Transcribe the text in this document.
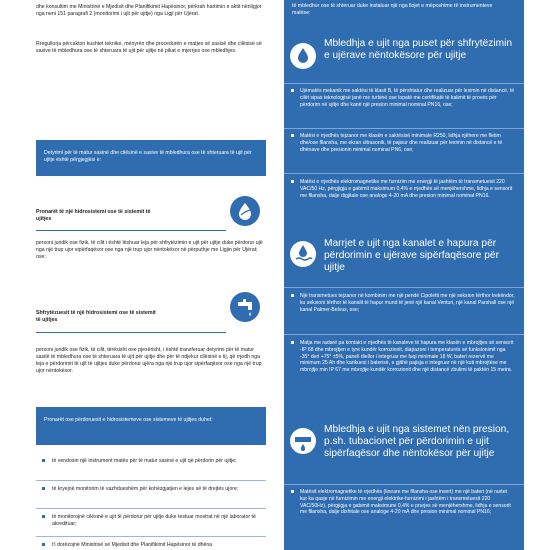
dhe konsultim me Ministrinë e Mjedisit dhe Planifikimit Hapësinor, përkrah hartimin e aktit nënligjor nga neni 151 paragrafi 2 (monitorimi i ujit për ujitje) nga Ligji për Ujërat.

Rregullorja përcakton kushtet teknike, mënyrën dhe procedurën e matjes së sasisë dhe cilësisë së sasive të mbledhura ose të shteruara të ujit për ujitje në pikat e mjerrjes ose mbledhjes.

Detyrimi për të matur sasinë dhe cilësinë e sasive të mbledhura ose të shteruara të ujit për ujitje është përgjegjësi e:
Pronarët të një hidrosistemi ose të sistemit të ujitjes

personi juridik ose fizik, të cilit i është lëshuar leja për shfrytëzimin e ujit për ujitje duke përdorur ujë nga një trup ujor sipërfaqësor ose nga një trup ujor nëntokësor në përputhje me Ligjin për Ujërat; ose;

Shfrytëzuesit të një hidrosistemi ose të sistemit të ujitjes

personi juridik ose fizik, të cilit, tërësisht ose pjesërisht, i është transferuar detyrimi për të matur sasitë të mbledhura ose të shteruara të ujit për ujitje dhe për të ndjekur cilësinë e tij, që rrjedh nga leja e përdorimit të ujit të ujitjes duke përdorur ujëra nga një trup ujor sipërfaqësor ose nga një trup ujor nëntokësor.

Pronarët ose përdoruesit e hidrosistemeve ose sistemeve të ujitjes duhet:
të vendosin një instrument matës për të matur sasinë e ujit që përdorin për ujitje;
të kryejnë monitorim të vazhdueshëm për kohëzgjatjen e lejes së të drejtës ujore;
të monitorojnë cilësinë e ujit të përdorur për ujitje duke testuar mostrat në një laborator të akredituar;
t'i dorëzojnë Ministrisë së Mjedisit dhe Planifikimit Hapësinor të dhëna
të mbledhur ose të shteruar duke instaluar një nga llojet e mëposhtme të instrumenteve matëse:
Mbledhja e ujit nga puset për shfrytëzimin e ujërave nëntokësore për ujitje
Ujëmatës mekanik me saktësi të klasit B, të përshtatur dhe realizuar për leximin në distancë, të cilët sipas teknologjisë janë me turbinë ose lopatë me certifikatë të kalimit të provës për përdorim në ujitje dhe kanë një presion minimal nominal PN16, ose;
Matësi e rrjedhës tejzanor me klasën e saktësisë minimale R250, lidhja njëhere me fletim dhe/ose fllanxha, me ekran ultrasonik, të pajisur dhe realizuar për leximin në distancë e të dhënave dhe presionin minimal nominal PN6, ose;
Matësi e rrjedhës elektromagnetike me furnizim me energji të jashtëm të transmetuesit 220 VAC/50 Hz, përgjigja e gabimit maksimum 0,4% e rrjedhës së menjëhershme, lidhja e sensorit me fllanxha, dalje digjitale ose analoge 4-20 mA dhe presion minimal nominal PN16.
Marrjet e ujit nga kanalet e hapura për përdorimin e ujërave sipërfaqësore për ujitje
Një transmetues tejzanor në kombinim me një pendë Cipoletti me një seksion tërthor trekëndor, ku seksioni tërthor të kanalit të hapur mund të jenë një kanal Venturi, një kanal Parshall ose një kanal Palmer-Belvus, ose;
Matja me radarë pa kontakt e rrjedhës të kanaleve të hapura me klasën e mbrojtjes së sensorit -IP 68 dhe mbrojtjen e tyre kundër korrozionit, diapazoni i temperaturës së funksionimit nga -35° deri +75° ±5%, paneli diellor i integruar me fuqi minimale 18 W, bateri rezervë me minimum 25 Ah dhe karikuesi i baterisë, e gjithë pajisja e integruar në një kuti mbrojtëse me mbrojtje min IP 67 me mbrojtje kundër korrozionit dhe një distancë zbulimi të paktën 15 metra.
Mbledhja e ujit nga sistemet nën presion, p.sh. tubacionet për përdorimin e ujit sipërfaqësor dhe nëntokësor për ujitje
Matësit elektromagnetike të rrjedhës (lineare me fllanxha ose insert) me një bateri (në rastet kur ka qasje në furnizimin me energji elektrike-furnizimi i jashtëm i transmetuesit 220 VAC/50Hz), përgjigja e gabimit maksimumi 0,4% e prurjes së menjëhershme, lidhja e sensorit me fllanxha, dalje dixhitale ose analoge 4-20 mA dhe presion minimal nominal PN16;
